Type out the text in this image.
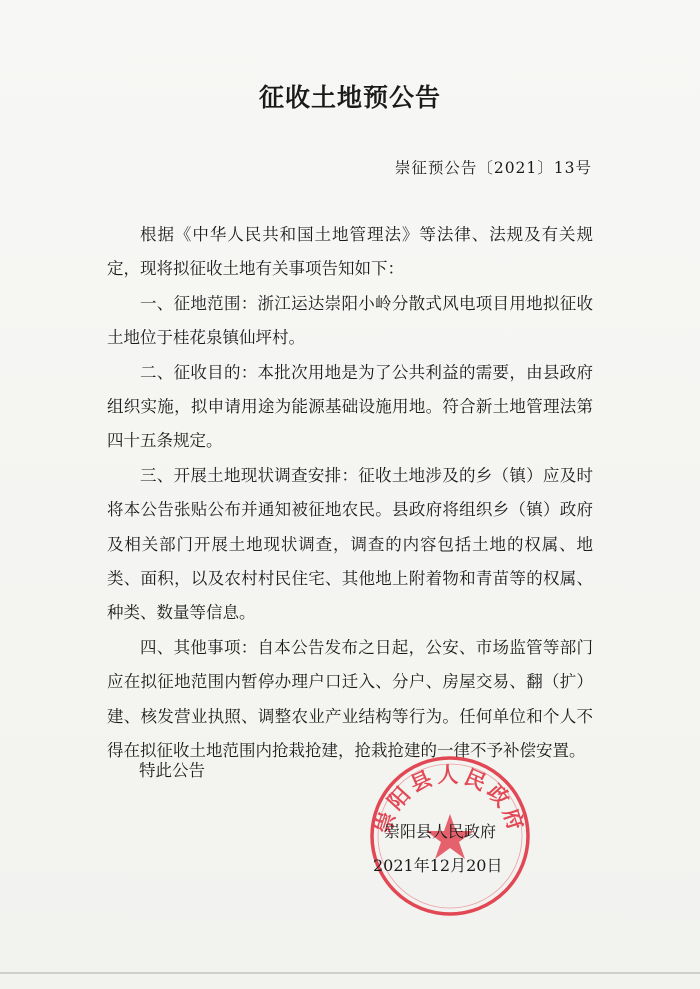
征收土地预公告
崇征预公告〔2021〕13号

根据《中华人民共和国土地管理法》等法律、法规及有关规定，现将拟征收土地有关事项告知如下：

一、征地范围：浙江运达崇阳小岭分散式风电项目用地拟征收土地位于桂花泉镇仙坪村。

二、征收目的：本批次用地是为了公共利益的需要，由县政府组织实施，拟申请用途为能源基础设施用地。符合新土地管理法第四十五条规定。

三、开展土地现状调查安排：征收土地涉及的乡（镇）应及时将本公告张贴公布并通知被征地农民。县政府将组织乡（镇）政府及相关部门开展土地现状调查，调查的内容包括土地的权属、地类、面积，以及农村村民住宅、其他地上附着物和青苗等的权属、种类、数量等信息。

四、其他事项：自本公告发布之日起，公安、市场监管等部门应在拟征地范围内暂停办理户口迁入、分户、房屋交易、翻（扩）建、核发营业执照、调整农业产业结构等行为。任何单位和个人不得在拟征收土地范围内抢栽抢建，抢栽抢建的一律不予补偿安置。

特此公告
崇阳县人民政府
崇阳县人民政府
2021年12月20日
